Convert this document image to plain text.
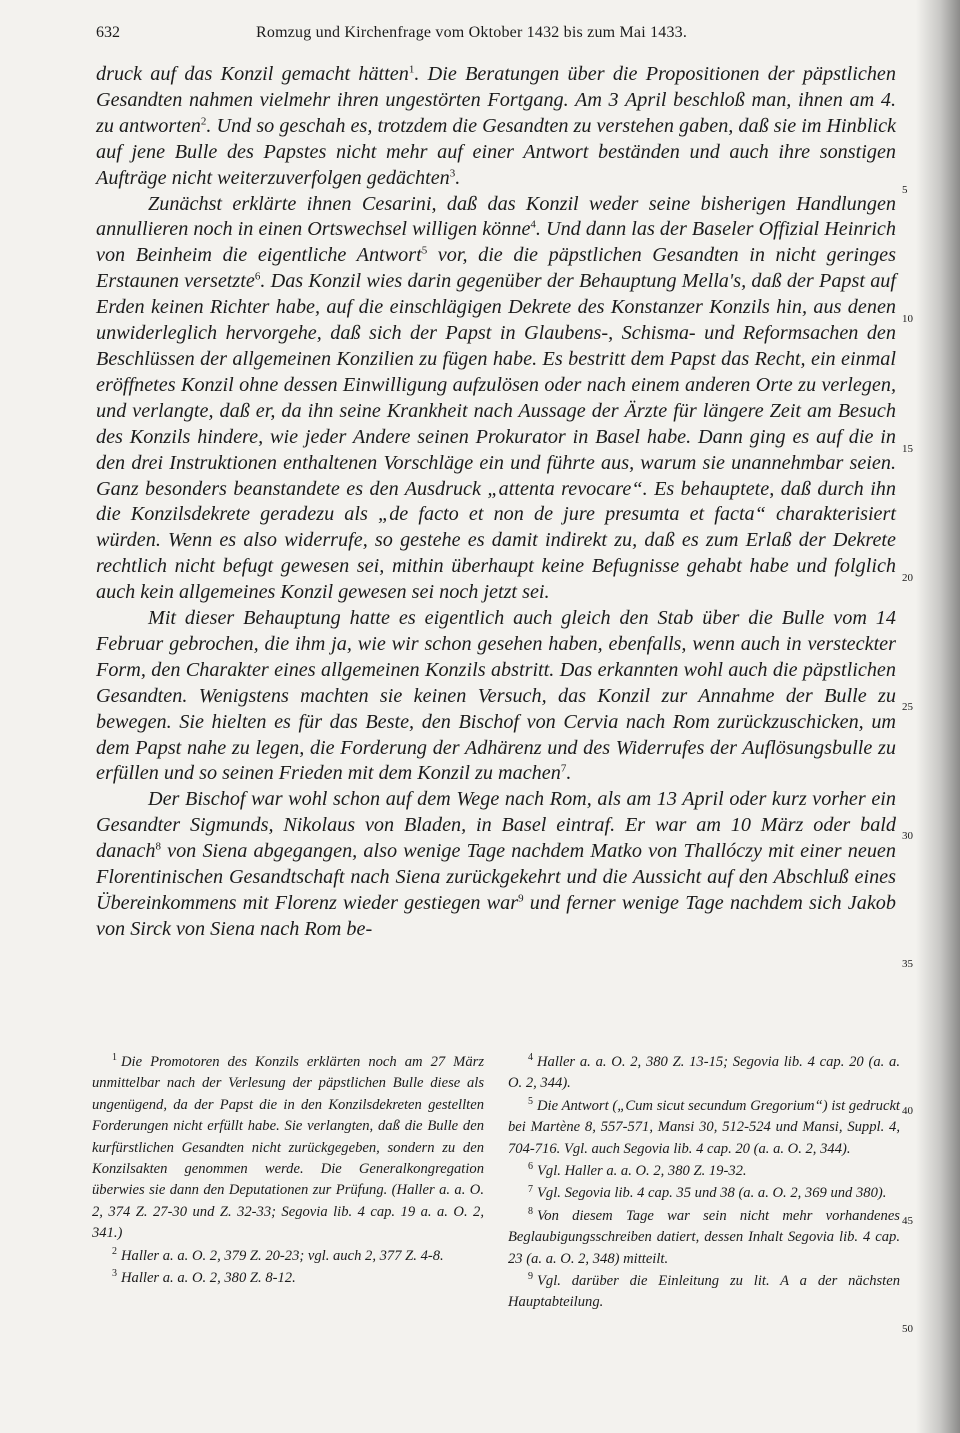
632	Romzug und Kirchenfrage vom Oktober 1432 bis zum Mai 1433.

druck auf das Konzil gemacht hätten$^1$. Die Beratungen über die Propositionen der päpstlichen Gesandten nahmen vielmehr ihren ungestörten Fortgang. Am 3 April beschloß man, ihnen am 4. zu antworten$^2$. Und so geschah es, trotzdem die Gesandten zu verstehen gaben, daß sie im Hinblick auf jene Bulle des Papstes nicht mehr auf einer Antwort beständen und auch ihre sonstigen Aufträge nicht weiterzuverfolgen gedächten$^3$.

Zunächst erklärte ihnen Cesarini, daß das Konzil weder seine bisherigen Handlungen annullieren noch in einen Ortswechsel willigen könne$^4$. Und dann las der Baseler Offizial Heinrich von Beinheim die eigentliche Antwort$^5$ vor, die die päpstlichen Gesandten in nicht geringes Erstaunen versetzte$^6$. Das Konzil wies darin gegenüber der Behauptung Mella's, daß der Papst auf Erden keinen Richter habe, auf die einschlägigen Dekrete des Konstanzer Konzils hin, aus denen unwiderleglich hervorgehe, daß sich der Papst in Glaubens-, Schisma- und Reformsachen den Beschlüssen der allgemeinen Konzilien zu fügen habe. Es bestritt dem Papst das Recht, ein einmal eröffnetes Konzil ohne dessen Einwilligung aufzulösen oder nach einem anderen Orte zu verlegen, und verlangte, daß er, da ihn seine Krankheit nach Aussage der Ärzte für längere Zeit am Besuch des Konzils hindere, wie jeder Andere seinen Prokurator in Basel habe. Dann ging es auf die in den drei Instruktionen enthaltenen Vorschläge ein und führte aus, warum sie unannehmbar seien. Ganz besonders beanstandete es den Ausdruck „attenta revocare“. Es behauptete, daß durch ihn die Konzilsdekrete geradezu als „de facto et non de jure presumta et facta“ charakterisiert würden. Wenn es also widerrufe, so gestehe es damit indirekt zu, daß es zum Erlaß der Dekrete rechtlich nicht befugt gewesen sei, mithin überhaupt keine Befugnisse gehabt habe und folglich auch kein allgemeines Konzil gewesen sei noch jetzt sei.

Mit dieser Behauptung hatte es eigentlich auch gleich den Stab über die Bulle vom 14 Februar gebrochen, die ihm ja, wie wir schon gesehen haben, ebenfalls, wenn auch in versteckter Form, den Charakter eines allgemeinen Konzils abstritt. Das erkannten wohl auch die päpstlichen Gesandten. Wenigstens machten sie keinen Versuch, das Konzil zur Annahme der Bulle zu bewegen. Sie hielten es für das Beste, den Bischof von Cervia nach Rom zurückzuschicken, um dem Papst nahe zu legen, die Forderung der Adhärenz und des Widerrufes der Auflösungsbulle zu erfüllen und so seinen Frieden mit dem Konzil zu machen$^7$.

Der Bischof war wohl schon auf dem Wege nach Rom, als am 13 April oder kurz vorher ein Gesandter Sigmunds, Nikolaus von Bladen, in Basel eintraf. Er war am 10 März oder bald danach$^8$ von Siena abgegangen, also wenige Tage nachdem Matko von Thallóczy mit einer neuen Florentinischen Gesandtschaft nach Siena zurückgekehrt und die Aussicht auf den Abschluß eines Übereinkommens mit Florenz wieder gestiegen war$^9$ und ferner wenige Tage nachdem sich Jakob von Sirck von Siena nach Rom be-

5
10
15
20
25
30
35
40
45
50

$^1$ Die Promotoren des Konzils erklärten noch am 27 März unmittelbar nach der Verlesung der päpstlichen Bulle diese als ungenügend, da der Papst die in den Konzilsdekreten gestellten Forderungen nicht erfüllt habe. Sie verlangten, daß die Bulle den kurfürstlichen Gesandten nicht zurückgegeben, sondern zu den Konzilsakten genommen werde. Die Generalkongregation überwies sie dann den Deputationen zur Prüfung. (Haller a. a. O. 2, 374 Z. 27-30 und Z. 32-33; Segovia lib. 4 cap. 19 a. a. O. 2, 341.)

$^2$ Haller a. a. O. 2, 379 Z. 20-23; vgl. auch 2, 377 Z. 4-8.

$^3$ Haller a. a. O. 2, 380 Z. 8-12.

$^4$ Haller a. a. O. 2, 380 Z. 13-15; Segovia lib. 4 cap. 20 (a. a. O. 2, 344).

$^5$ Die Antwort („Cum sicut secundum Gregorium“) ist gedruckt bei Martène 8, 557-571, Mansi 30, 512-524 und Mansi, Suppl. 4, 704-716. Vgl. auch Segovia lib. 4 cap. 20 (a. a. O. 2, 344).

$^6$ Vgl. Haller a. a. O. 2, 380 Z. 19-32.

$^7$ Vgl. Segovia lib. 4 cap. 35 und 38 (a. a. O. 2, 369 und 380).

$^8$ Von diesem Tage war sein nicht mehr vorhandenes Beglaubigungsschreiben datiert, dessen Inhalt Segovia lib. 4 cap. 23 (a. a. O. 2, 348) mitteilt.

$^9$ Vgl. darüber die Einleitung zu lit. A a der nächsten Hauptabteilung.
